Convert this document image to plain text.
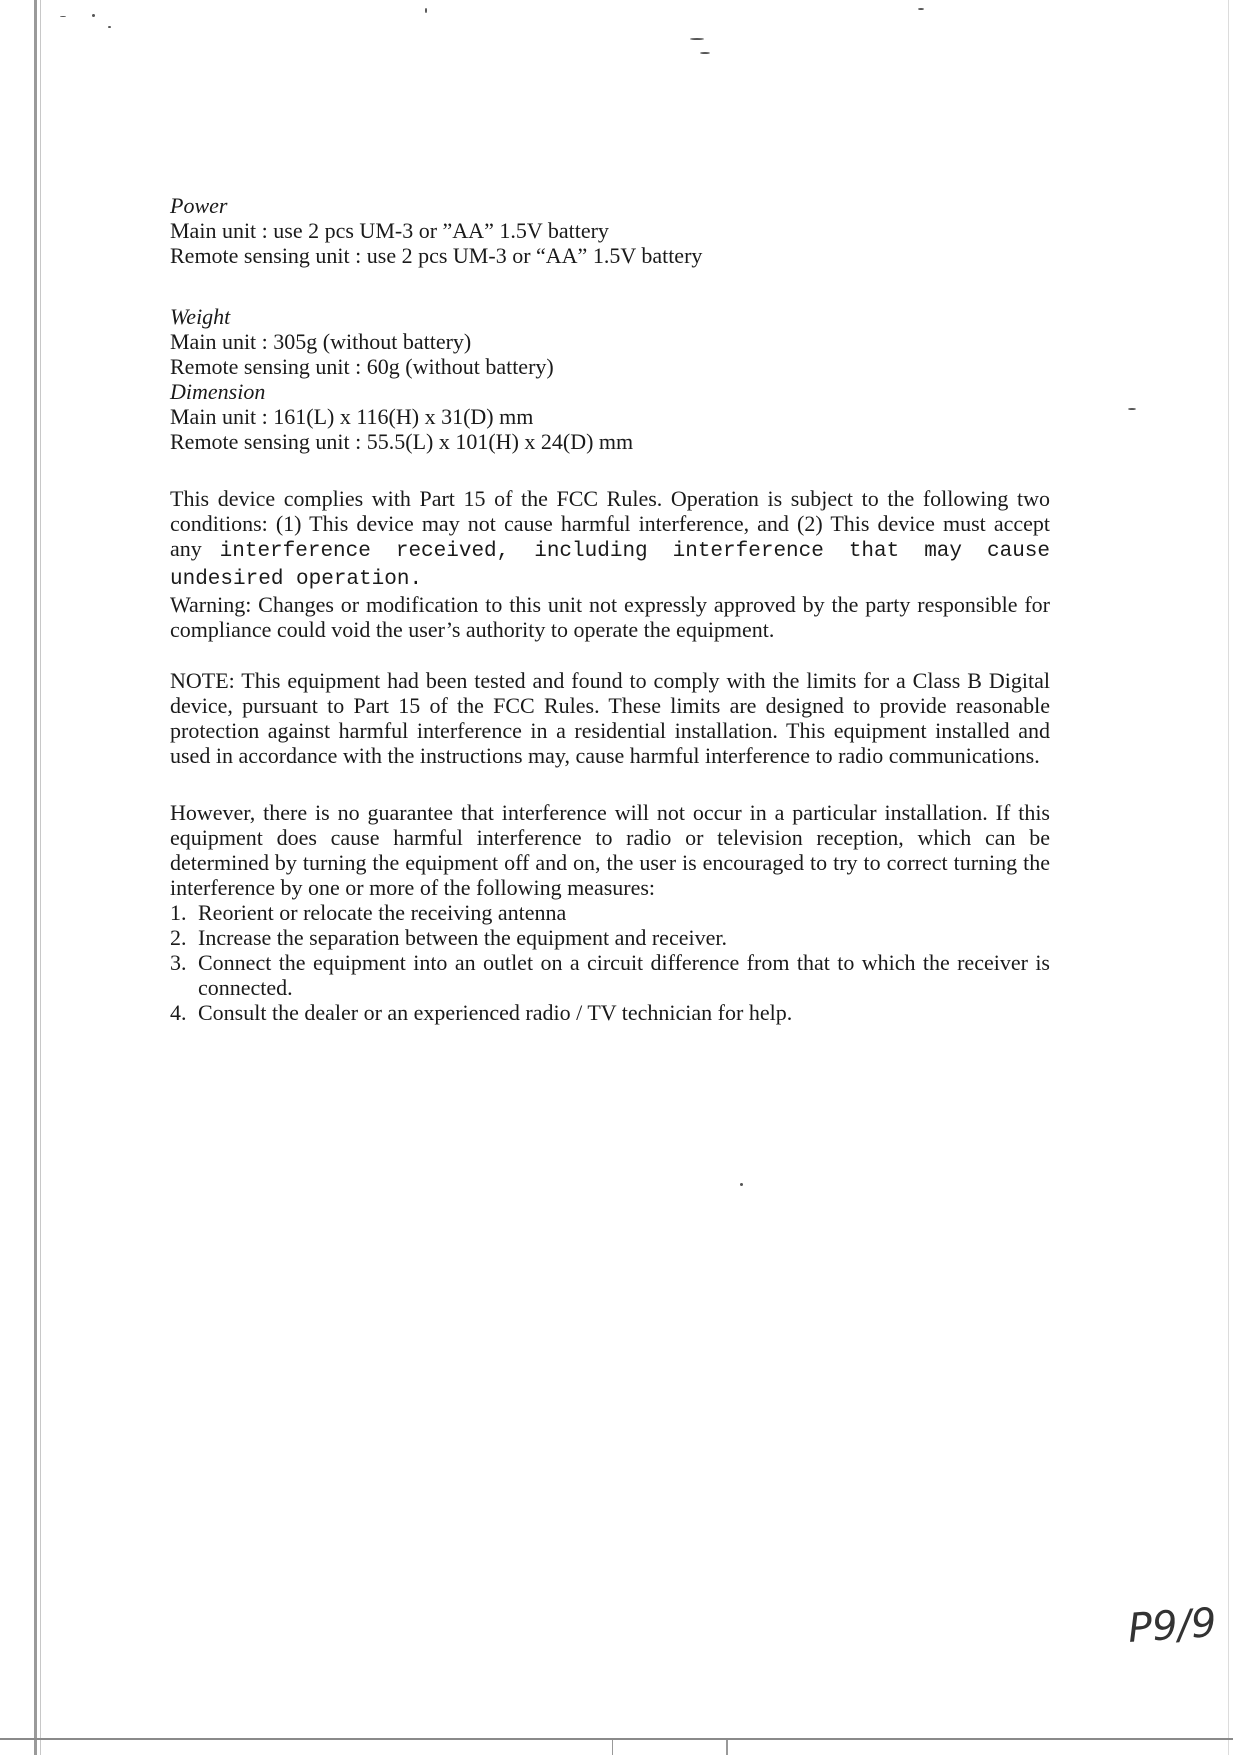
Power

Main unit : use 2 pcs UM-3 or ”AA” 1.5V battery

Remote sensing unit : use 2 pcs UM-3 or “AA” 1.5V battery

Weight

Main unit : 305g (without battery)

Remote sensing unit : 60g (without battery)

Dimension

Main unit : 161(L) x 116(H) x 31(D) mm

Remote sensing unit : 55.5(L) x 101(H) x 24(D) mm

This device complies with Part 15 of the FCC Rules. Operation is subject to the following two conditions: (1) This device may not cause harmful interference, and (2) This device must accept any interference received, including interference that may cause undesired operation.

Warning: Changes or modification to this unit not expressly approved by the party responsible for compliance could void the user’s authority to operate the equipment.

NOTE: This equipment had been tested and found to comply with the limits for a Class B Digital device, pursuant to Part 15 of the FCC Rules. These limits are designed to provide reasonable protection against harmful interference in a residential installation. This equipment installed and used in accordance with the instructions may, cause harmful interference to radio communications.

However, there is no guarantee that interference will not occur in a particular installation. If this equipment does cause harmful interference to radio or television reception, which can be determined by turning the equipment off and on, the user is encouraged to try to correct turning the interference by one or more of the following measures:

1. Reorient or relocate the receiving antenna
2. Increase the separation between the equipment and receiver.
3. Connect the equipment into an outlet on a circuit difference from that to which the receiver is connected.
4. Consult the dealer or an experienced radio / TV technician for help.
P9/9
